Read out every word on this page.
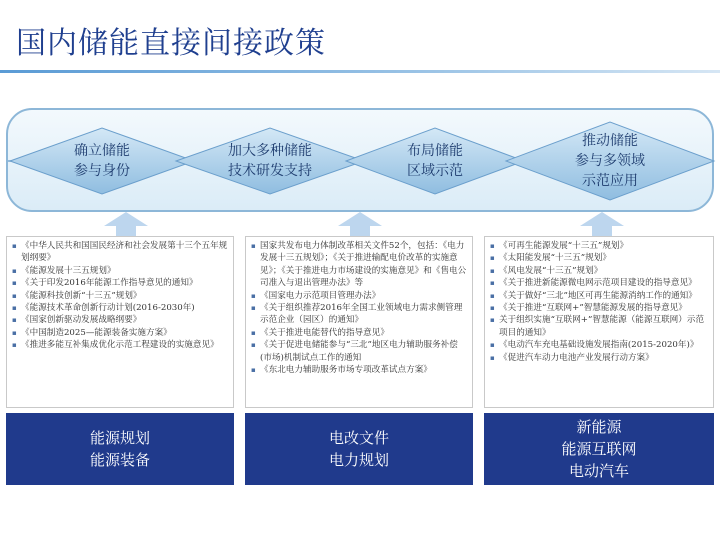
国内储能直接间接政策
确立储能
参与身份
加大多种储能
技术研发支持
布局储能
区域示范
推动储能
参与多领域
示范应用
▪ 《中华人民共和国国民经济和社会发展第十三个五年规划纲要》
▪ 《能源发展十三五规划》
▪ 《关于印发2016年能源工作指导意见的通知》
▪ 《能源科技创新“十三五”规划》
▪ 《能源技术革命创新行动计划(2016-2030年)
▪ 《国家创新驱动发展战略纲要》
▪ 《中国制造2025—能源装备实施方案》
▪ 《推进多能互补集成优化示范工程建设的实施意见》
▪ 国家共发布电力体制改革相关文件52个，包括：《电力发展十三五规划》；《关于推进输配电价改革的实施意见》；《关于推进电力市场建设的实施意见》和《售电公司准入与退出管理办法》等
▪ 《国家电力示范项目管理办法》
▪ 《关于组织推荐2016年全国工业领域电力需求侧管理示范企业（园区）的通知》
▪ 《关于推进电能替代的指导意见》
▪ 《关于促进电储能参与“三北”地区电力辅助服务补偿(市场)机制试点工作的通知
▪ 《东北电力辅助服务市场专项改革试点方案》
▪ 《可再生能源发展“十三五”规划》
▪ 《太阳能发展“十三五”规划》
▪ 《风电发展“十三五”规划》
▪ 《关于推进新能源微电网示范项目建设的指导意见》
▪ 《关于做好“三北”地区可再生能源消纳工作的通知》
▪ 《关于推进“互联网+”智慧能源发展的指导意见》
▪ 关于组织实施“互联网+”智慧能源（能源互联网）示范项目的通知》
▪ 《电动汽车充电基础设施发展指南(2015-2020年)》
▪ 《促进汽车动力电池产业发展行动方案》
能源规划
能源装备
电改文件
电力规划
新能源
能源互联网
电动汽车
